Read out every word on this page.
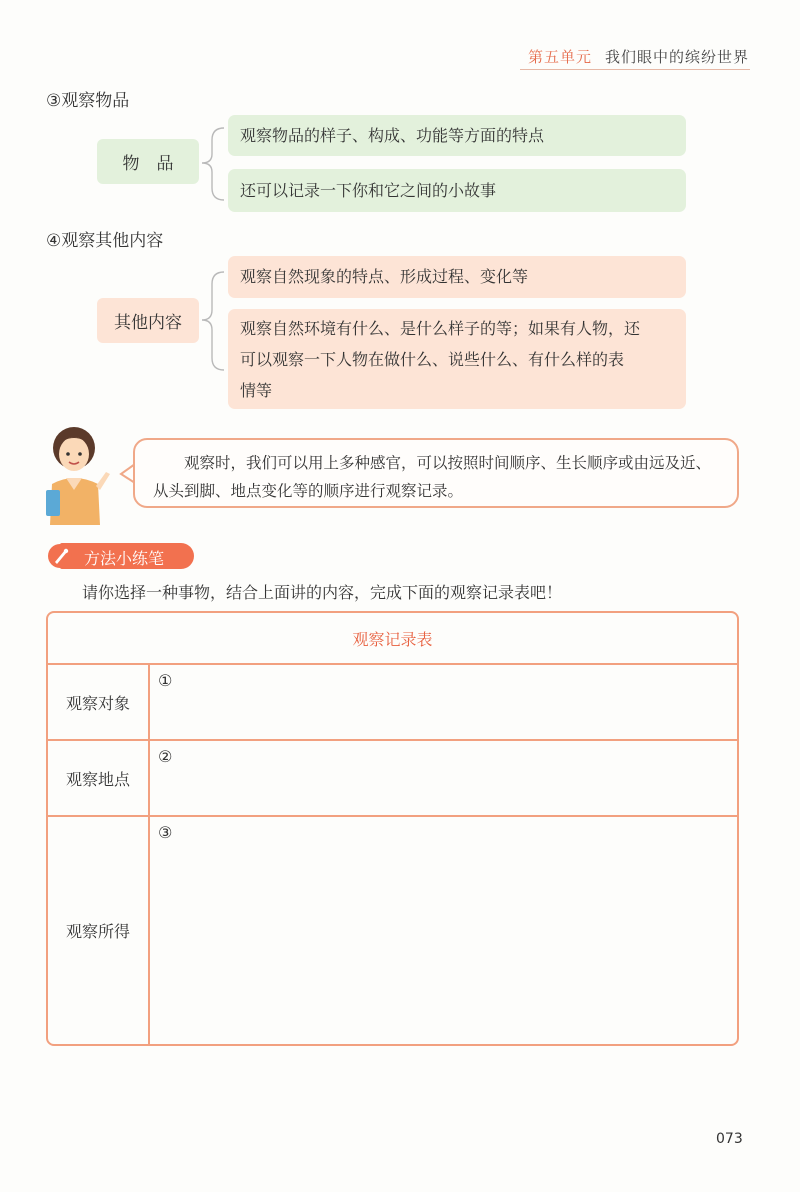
第五单元 我们眼中的缤纷世界
③观察物品
物　品
观察物品的样子、构成、功能等方面的特点
还可以记录一下你和它之间的小故事
④观察其他内容
其他内容
观察自然现象的特点、形成过程、变化等
观察自然环境有什么、是什么样子的等；如果有人物，还
可以观察一下人物在做什么、说些什么、有什么样的表
情等
观察时，我们可以用上多种感官，可以按照时间顺序、生长顺序或由远及近、从头到脚、地点变化等的顺序进行观察记录。
方法小练笔
请你选择一种事物，结合上面讲的内容，完成下面的观察记录表吧！
观察记录表	
观察对象	①
观察地点	②
观察所得	③
073
